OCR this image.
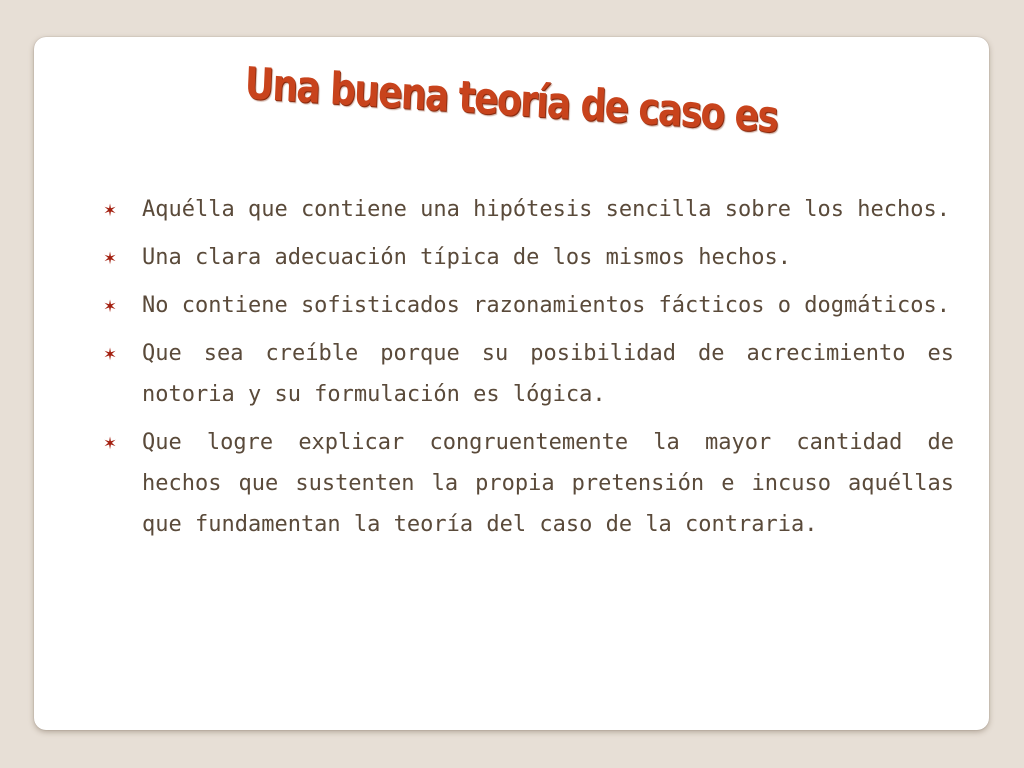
Una buena teoría de caso es
✶	Aquélla que contiene una hipótesis sencilla sobre los hechos.
✶	Una clara adecuación típica de los mismos hechos.
✶	No contiene sofisticados razonamientos fácticos o dogmáticos.
✶	Que sea creíble porque su posibilidad de acrecimiento es notoria y su formulación es lógica.
✶	Que logre explicar congruentemente la mayor cantidad de hechos que sustenten la propia pretensión e incuso aquéllas que fundamentan la teoría del caso de la contraria.
